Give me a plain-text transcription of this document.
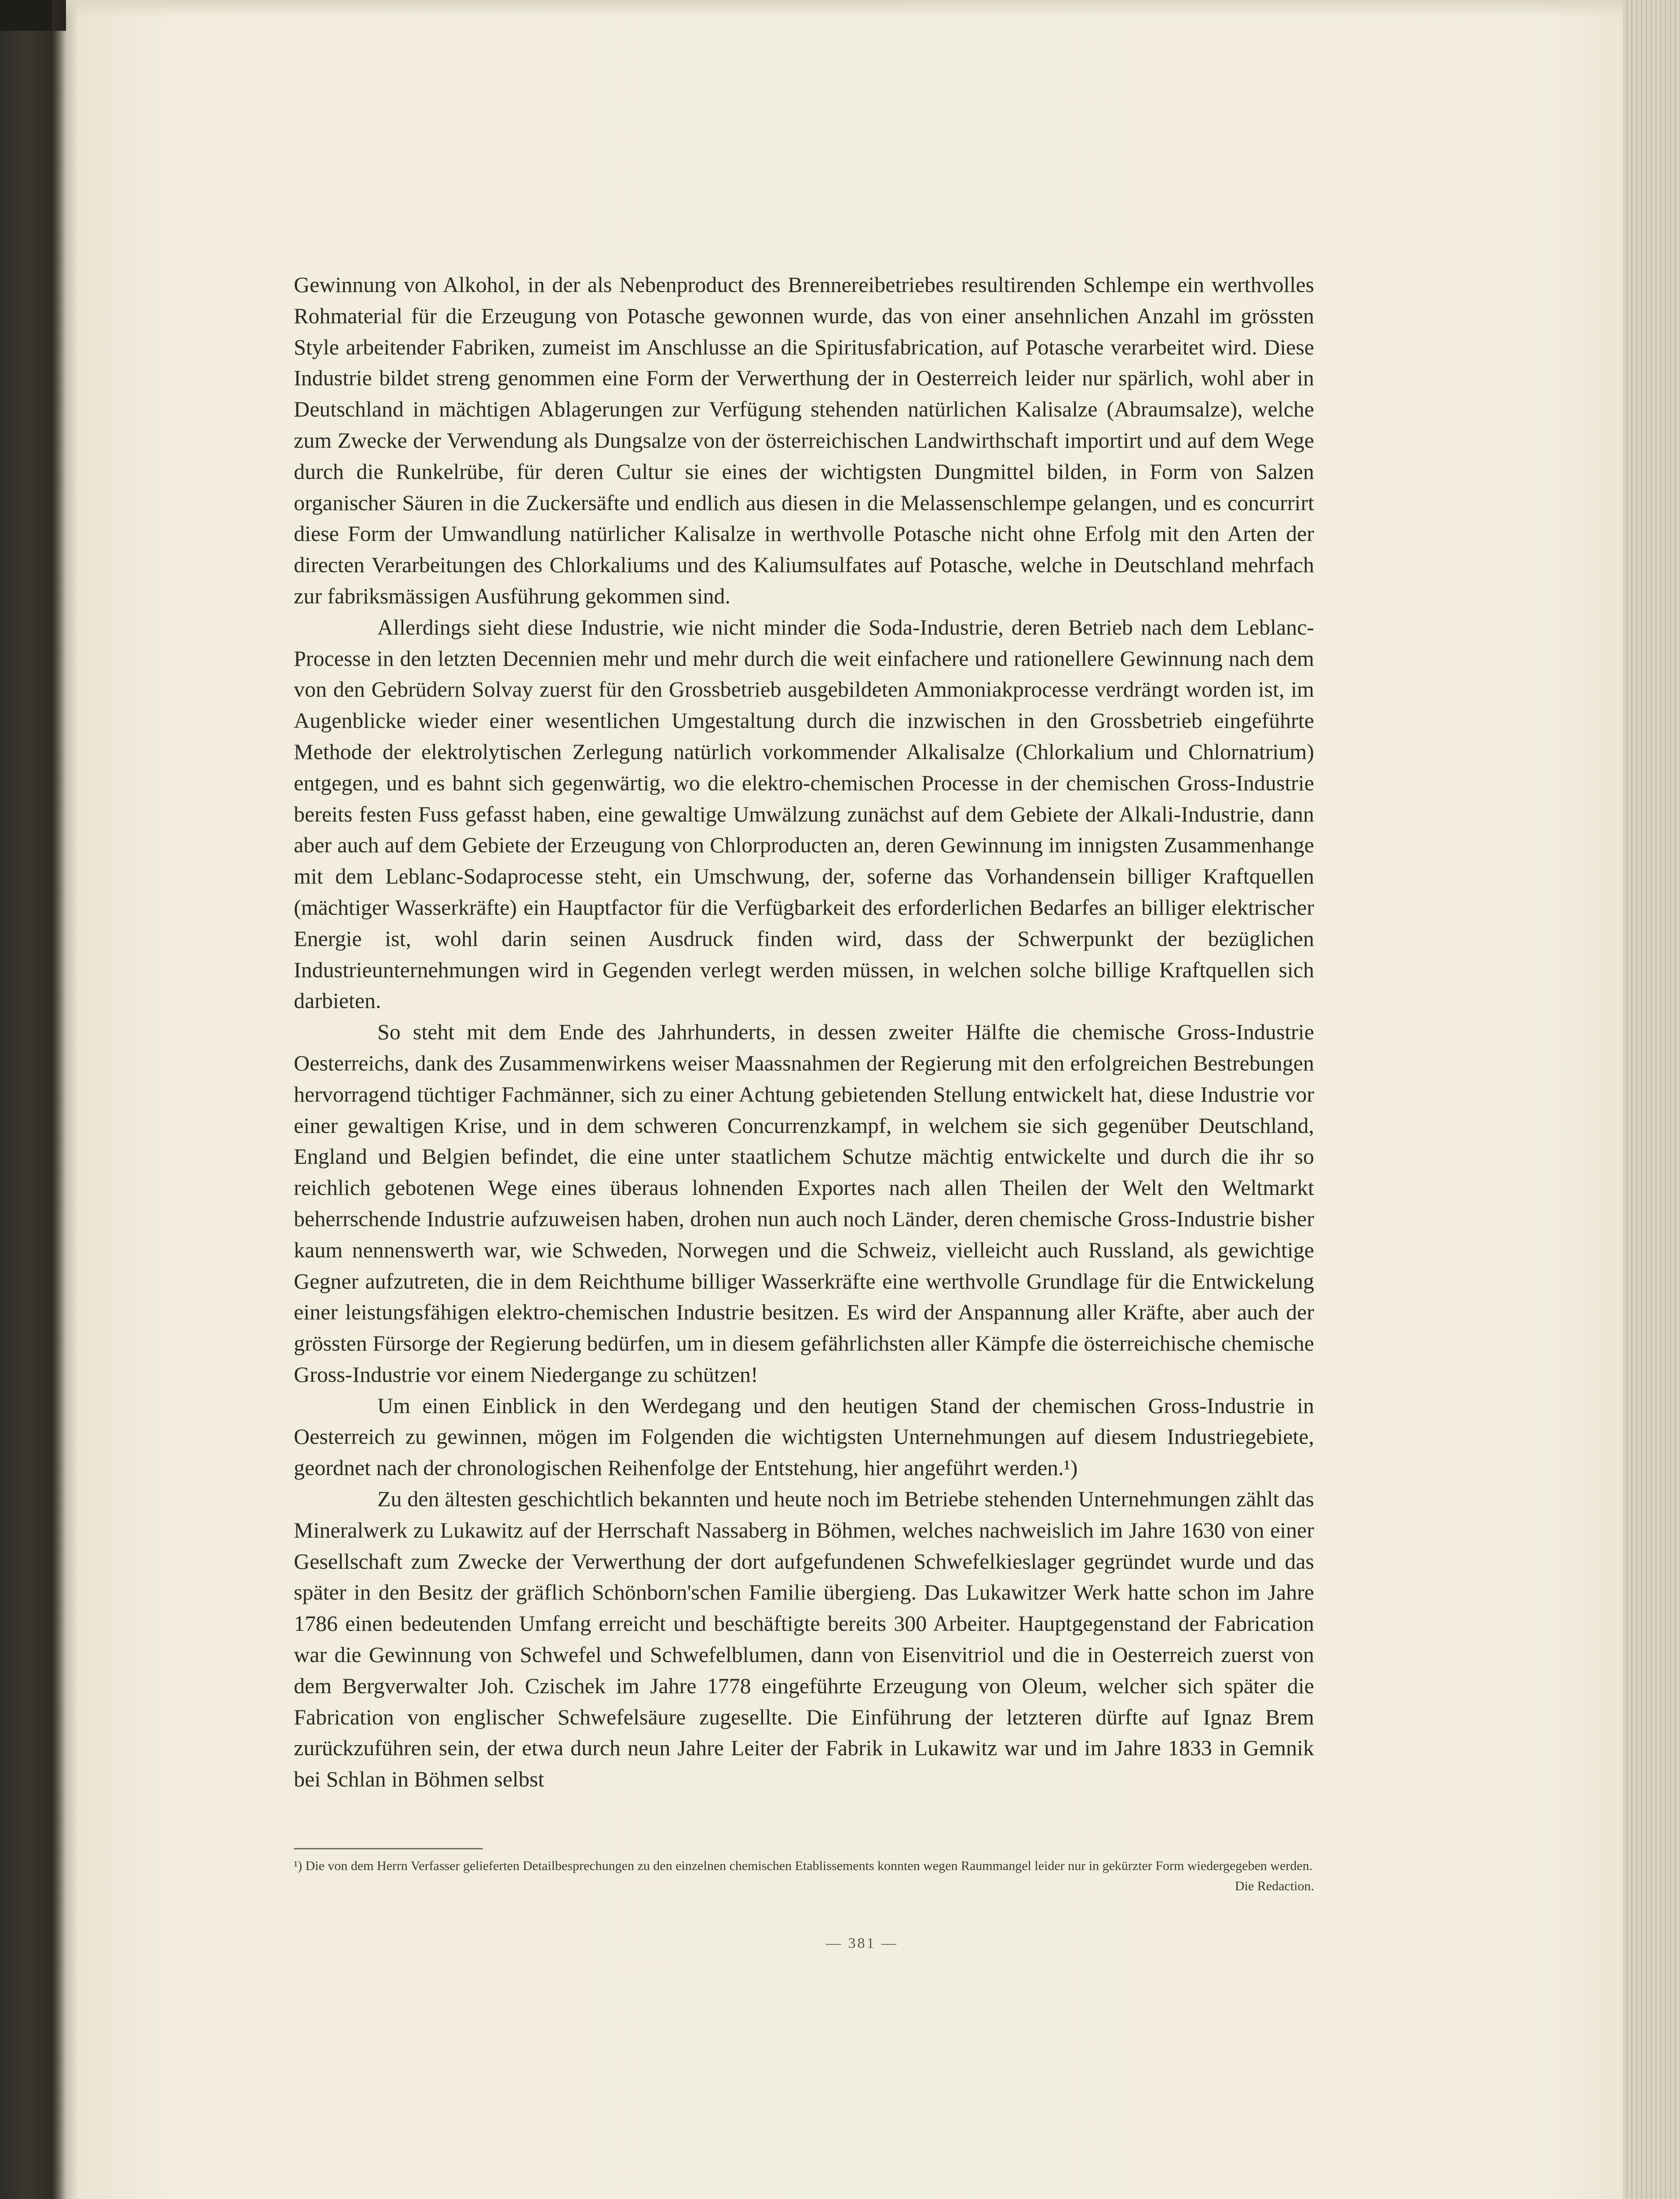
Gewinnung von Alkohol, in der als Nebenproduct des Brennereibetriebes resultirenden Schlempe ein werthvolles Rohmaterial für die Erzeugung von Potasche gewonnen wurde, das von einer ansehnlichen Anzahl im grössten Style arbeitender Fabriken, zumeist im Anschlusse an die Spiritusfabrication, auf Potasche verarbeitet wird. Diese Industrie bildet streng genommen eine Form der Verwerthung der in Oesterreich leider nur spärlich, wohl aber in Deutschland in mächtigen Ablagerungen zur Verfügung stehenden natürlichen Kalisalze (Abraumsalze), welche zum Zwecke der Verwendung als Dungsalze von der österreichischen Landwirthschaft importirt und auf dem Wege durch die Runkelrübe, für deren Cultur sie eines der wichtigsten Dungmittel bilden, in Form von Salzen organischer Säuren in die Zuckersäfte und endlich aus diesen in die Melassenschlempe gelangen, und es concurrirt diese Form der Umwandlung natürlicher Kalisalze in werthvolle Potasche nicht ohne Erfolg mit den Arten der directen Verarbeitungen des Chlorkaliums und des Kaliumsulfates auf Potasche, welche in Deutschland mehrfach zur fabriksmässigen Ausführung gekommen sind.

Allerdings sieht diese Industrie, wie nicht minder die Soda-Industrie, deren Betrieb nach dem Leblanc-Processe in den letzten Decennien mehr und mehr durch die weit einfachere und rationellere Gewinnung nach dem von den Gebrüdern Solvay zuerst für den Grossbetrieb ausgebildeten Ammoniakprocesse verdrängt worden ist, im Augenblicke wieder einer wesentlichen Umgestaltung durch die inzwischen in den Grossbetrieb eingeführte Methode der elektrolytischen Zerlegung natürlich vorkommender Alkalisalze (Chlorkalium und Chlornatrium) entgegen, und es bahnt sich gegenwärtig, wo die elektro-chemischen Processe in der chemischen Gross-Industrie bereits festen Fuss gefasst haben, eine gewaltige Umwälzung zunächst auf dem Gebiete der Alkali-Industrie, dann aber auch auf dem Gebiete der Erzeugung von Chlorproducten an, deren Gewinnung im innigsten Zusammenhange mit dem Leblanc-Sodaprocesse steht, ein Umschwung, der, soferne das Vorhandensein billiger Kraftquellen (mächtiger Wasserkräfte) ein Hauptfactor für die Verfügbarkeit des erforderlichen Bedarfes an billiger elektrischer Energie ist, wohl darin seinen Ausdruck finden wird, dass der Schwerpunkt der bezüglichen Industrieunternehmungen wird in Gegenden verlegt werden müssen, in welchen solche billige Kraftquellen sich darbieten.

So steht mit dem Ende des Jahrhunderts, in dessen zweiter Hälfte die chemische Gross-Industrie Oesterreichs, dank des Zusammenwirkens weiser Maassnahmen der Regierung mit den erfolgreichen Bestrebungen hervorragend tüchtiger Fachmänner, sich zu einer Achtung gebietenden Stellung entwickelt hat, diese Industrie vor einer gewaltigen Krise, und in dem schweren Concurrenzkampf, in welchem sie sich gegenüber Deutschland, England und Belgien befindet, die eine unter staatlichem Schutze mächtig entwickelte und durch die ihr so reichlich gebotenen Wege eines überaus lohnenden Exportes nach allen Theilen der Welt den Weltmarkt beherrschende Industrie aufzuweisen haben, drohen nun auch noch Länder, deren chemische Gross-Industrie bisher kaum nennenswerth war, wie Schweden, Norwegen und die Schweiz, vielleicht auch Russland, als gewichtige Gegner aufzutreten, die in dem Reichthume billiger Wasserkräfte eine werthvolle Grundlage für die Entwickelung einer leistungsfähigen elektro-chemischen Industrie besitzen. Es wird der Anspannung aller Kräfte, aber auch der grössten Fürsorge der Regierung bedürfen, um in diesem gefährlichsten aller Kämpfe die österreichische chemische Gross-Industrie vor einem Niedergange zu schützen!

Um einen Einblick in den Werdegang und den heutigen Stand der chemischen Gross-Industrie in Oesterreich zu gewinnen, mögen im Folgenden die wichtigsten Unternehmungen auf diesem Industriegebiete, geordnet nach der chronologischen Reihenfolge der Entstehung, hier angeführt werden.¹)

Zu den ältesten geschichtlich bekannten und heute noch im Betriebe stehenden Unternehmungen zählt das Mineralwerk zu Lukawitz auf der Herrschaft Nassaberg in Böhmen, welches nachweislich im Jahre 1630 von einer Gesellschaft zum Zwecke der Verwerthung der dort aufgefundenen Schwefelkieslager gegründet wurde und das später in den Besitz der gräflich Schönborn'schen Familie übergieng. Das Lukawitzer Werk hatte schon im Jahre 1786 einen bedeutenden Umfang erreicht und beschäftigte bereits 300 Arbeiter. Hauptgegenstand der Fabrication war die Gewinnung von Schwefel und Schwefelblumen, dann von Eisenvitriol und die in Oesterreich zuerst von dem Bergverwalter Joh. Czischek im Jahre 1778 eingeführte Erzeugung von Oleum, welcher sich später die Fabrication von englischer Schwefelsäure zugesellte. Die Einführung der letzteren dürfte auf Ignaz Brem zurückzuführen sein, der etwa durch neun Jahre Leiter der Fabrik in Lukawitz war und im Jahre 1833 in Gemnik bei Schlan in Böhmen selbst

¹) Die von dem Herrn Verfasser gelieferten Detailbesprechungen zu den einzelnen chemischen Etablissements konnten wegen Raummangel leider nur in gekürzter Form wiedergegeben werden.
Die Redaction.
— 381 —
